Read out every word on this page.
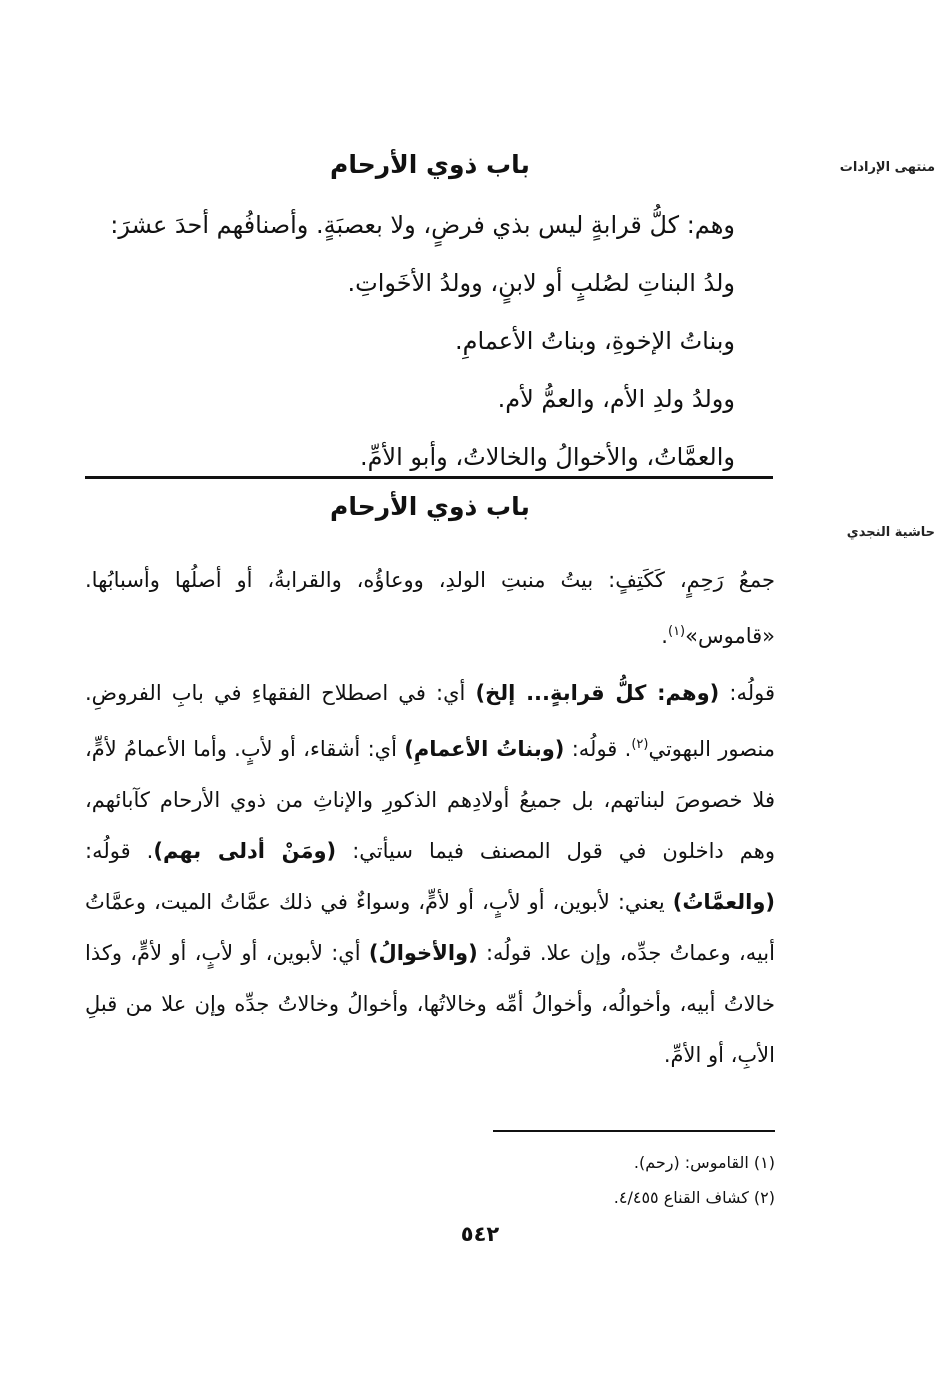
منتهى الإرادات
حاشية النجدي
باب ذوي الأرحام

وهم: كلُّ قرابةٍ ليس بذي فرضٍ، ولا بعصبَةٍ. وأصنافُهم أحدَ عشرَ:

ولدُ البناتِ لصُلبٍ أو لابنٍ، وولدُ الأخَواتِ.

وبناتُ الإخوةِ، وبناتُ الأعمامِ.

وولدُ ولدِ الأم، والعمُّ لأم.

والعمَّاتُ، والأخوالُ والخالاتُ، وأبو الأمِّ.

باب ذوي الأرحام
جمعُ رَحِمٍ، كَكَتِفٍ: بيتُ منبتِ الولدِ، ووعاؤُه، والقرابةُ، أو أصلُها وأسبابُها. «قاموس»$^{(١)}$.
قولُه: (وهم: كلُّ قرابةٍ... إلخ) أي: في اصطلاح الفقهاءِ في بابِ الفروضِ. منصور البهوتي$^{(٢)}$. قولُه: (وبناتُ الأعمامِ) أي: أشقاء، أو لأبٍ. وأما الأعمامُ لأمٍّ، فلا خصوصَ لبناتهم، بل جميعُ أولادِهم الذكورِ والإناثِ من ذوي الأرحام كآبائهم، وهم داخلون في قول المصنف فيما سيأتي: (ومَنْ أدلى بهم). قولُه: (والعمَّاتُ) يعني: لأبوين، أو لأبٍ، أو لأمٍّ، وسواءٌ في ذلك عمَّاتُ الميت، وعمَّاتُ أبيه، وعماتُ جدِّه، وإن علا. قولُه: (والأخوالُ) أي: لأبوين، أو لأبٍ، أو لأمٍّ، وكذا خالاتُ أبيه، وأخوالُه، وأخوالُ أمِّه وخالاتُها، وأخوالُ وخالاتُ جدِّه وإن علا من قبلِ الأبِ، أو الأمِّ.

(١) القاموس: (رحم).

(٢) كشاف القناع ٤/٤٥٥.

٥٤٢
